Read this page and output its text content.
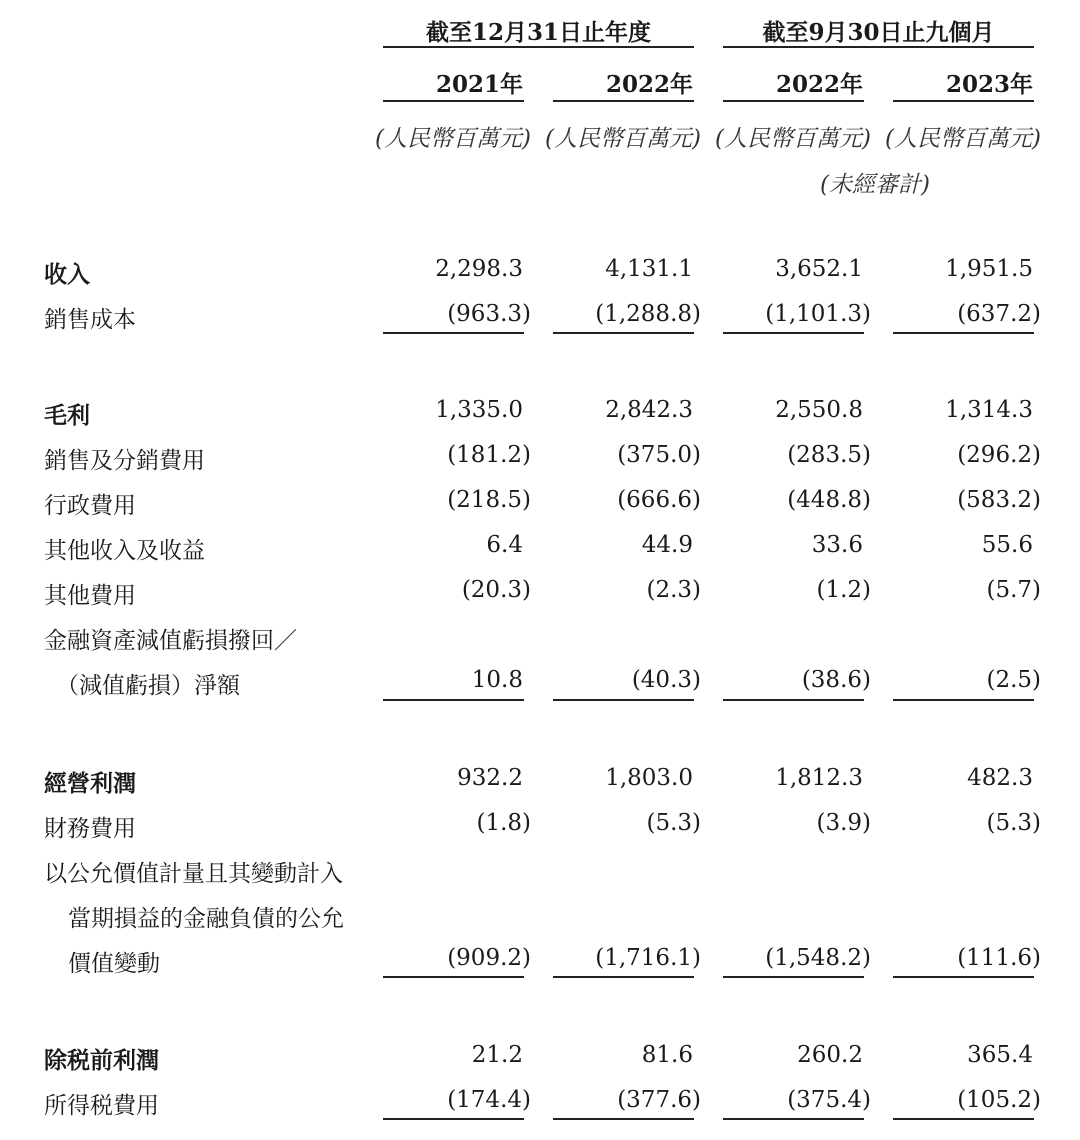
截至12月31日止年度	截至9月30日止九個月
2021年	2022年	2022年	2023年
(人民幣百萬元) (人民幣百萬元) (人民幣百萬元) (人民幣百萬元)
(未經審計)
收入	2,298.3	4,131.1	3,652.1	1,951.5
銷售成本	(963.3)	(1,288.8)	(1,101.3)	(637.2)
毛利	1,335.0	2,842.3	2,550.8	1,314.3
銷售及分銷費用	(181.2)	(375.0)	(283.5)	(296.2)
行政費用	(218.5)	(666.6)	(448.8)	(583.2)
其他收入及收益	6.4	44.9	33.6	55.6
其他費用	(20.3)	(2.3)	(1.2)	(5.7)
金融資產減值虧損撥回／
（減值虧損）淨額	10.8	(40.3)	(38.6)	(2.5)
經營利潤	932.2	1,803.0	1,812.3	482.3
財務費用	(1.8)	(5.3)	(3.9)	(5.3)
以公允價值計量且其變動計入
當期損益的金融負債的公允
價值變動	(909.2)	(1,716.1)	(1,548.2)	(111.6)
除税前利潤	21.2	81.6	260.2	365.4
所得税費用	(174.4)	(377.6)	(375.4)	(105.2)
